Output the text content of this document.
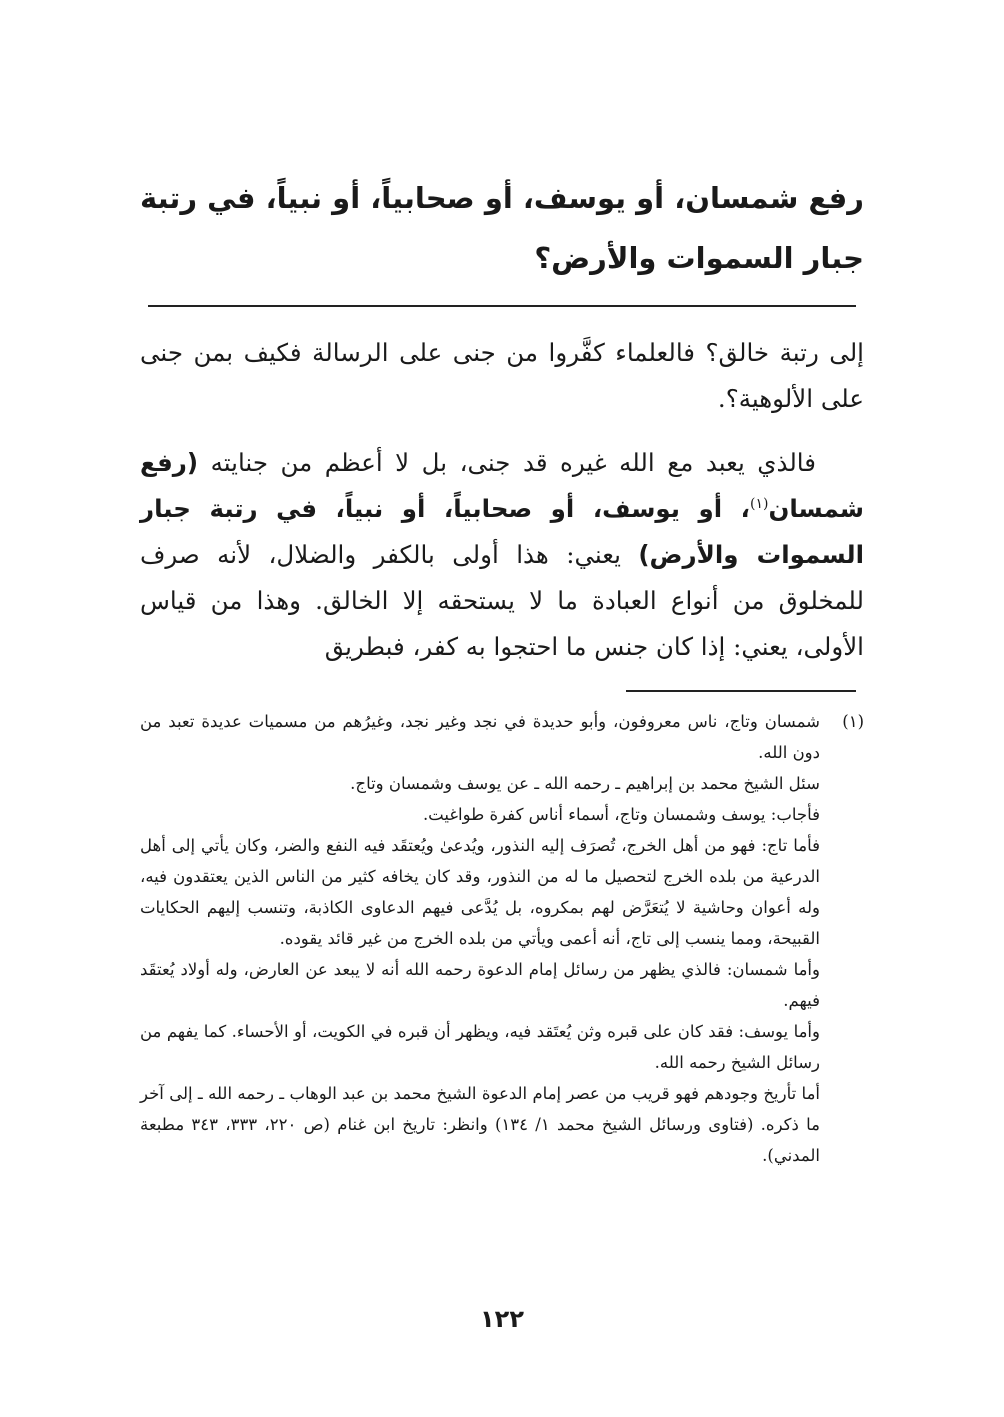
رفع شمسان، أو يوسف، أو صحابياً، أو نبياً، في رتبة جبار السموات والأرض؟

إلى رتبة خالق؟ فالعلماء كفَّروا من جنى على الرسالة فكيف بمن جنى على الألوهية؟.

فالذي يعبد مع الله غيره قد جنى، بل لا أعظم من جنايته (رفع شمسان$^{(١)}$، أو يوسف، أو صحابياً، أو نبياً، في رتبة جبار السموات والأرض) يعني: هذا أولى بالكفر والضلال، لأنه صرف للمخلوق من أنواع العبادة ما لا يستحقه إلا الخالق. وهذا من قياس الأولى، يعني: إذا كان جنس ما احتجوا به كفر، فبطريق

(١)
شمسان وتاج، ناس معروفون، وأبو حديدة في نجد وغير نجد، وغيرُهم من مسميات عديدة تعبد من دون الله.

سئل الشيخ محمد بن إبراهيم ـ رحمه الله ـ عن يوسف وشمسان وتاج.

فأجاب: يوسف وشمسان وتاج، أسماء أناس كفرة طواغيت.

فأما تاج: فهو من أهل الخرج، تُصرَف إليه النذور، ويُدعىٰ ويُعتقَد فيه النفع والضر، وكان يأتي إلى أهل الدرعية من بلده الخرج لتحصيل ما له من النذور، وقد كان يخافه كثير من الناس الذين يعتقدون فيه، وله أعوان وحاشية لا يُتعَرَّض لهم بمكروه، بل يُدَّعى فيهم الدعاوى الكاذبة، وتنسب إليهم الحكايات القبيحة، ومما ينسب إلى تاج، أنه أعمى ويأتي من بلده الخرج من غير قائد يقوده.

وأما شمسان: فالذي يظهر من رسائل إمام الدعوة رحمه الله أنه لا يبعد عن العارض، وله أولاد يُعتقَد فيهم.

وأما يوسف: فقد كان على قبره وثن يُعتَقد فيه، ويظهر أن قبره في الكويت، أو الأحساء. كما يفهم من رسائل الشيخ رحمه الله.

أما تأريخ وجودهم فهو قريب من عصر إمام الدعوة الشيخ محمد بن عبد الوهاب ـ رحمه الله ـ إلى آخر ما ذكره. (فتاوى ورسائل الشيخ محمد ١/ ١٣٤) وانظر: تاريخ ابن غنام (ص ٢٢٠، ٣٣٣، ٣٤٣ مطبعة المدني).

١٢٢
